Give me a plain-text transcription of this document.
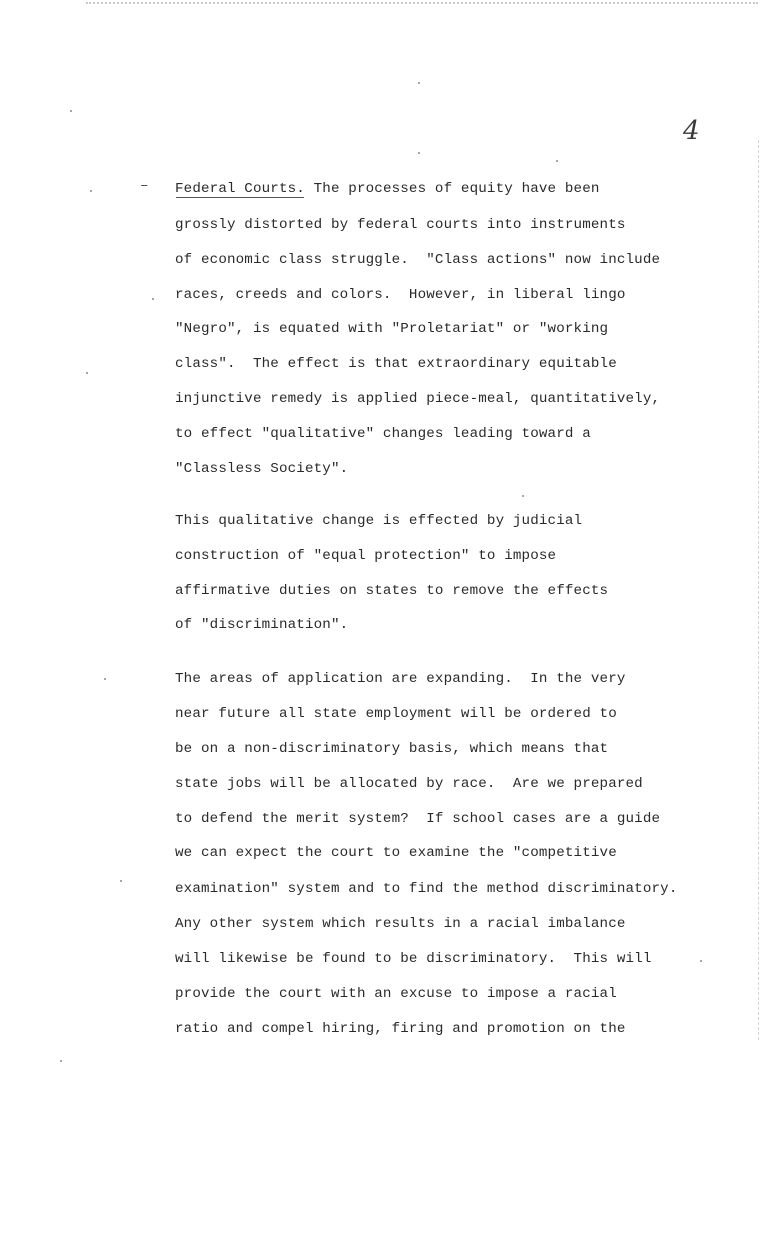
4
– Federal Courts. The processes of equity have been
grossly distorted by federal courts into instruments
of economic class struggle.  "Class actions" now include
races, creeds and colors.  However, in liberal lingo
"Negro", is equated with "Proletariat" or "working
class".  The effect is that extraordinary equitable
injunctive remedy is applied piece-meal, quantitatively,
to effect "qualitative" changes leading toward a
"Classless Society".
This qualitative change is effected by judicial
construction of "equal protection" to impose
affirmative duties on states to remove the effects
of "discrimination".
The areas of application are expanding.  In the very
near future all state employment will be ordered to
be on a non-discriminatory basis, which means that
state jobs will be allocated by race.  Are we prepared
to defend the merit system?  If school cases are a guide
we can expect the court to examine the "competitive
examination" system and to find the method discriminatory.
Any other system which results in a racial imbalance
will likewise be found to be discriminatory.  This will
provide the court with an excuse to impose a racial
ratio and compel hiring, firing and promotion on the
